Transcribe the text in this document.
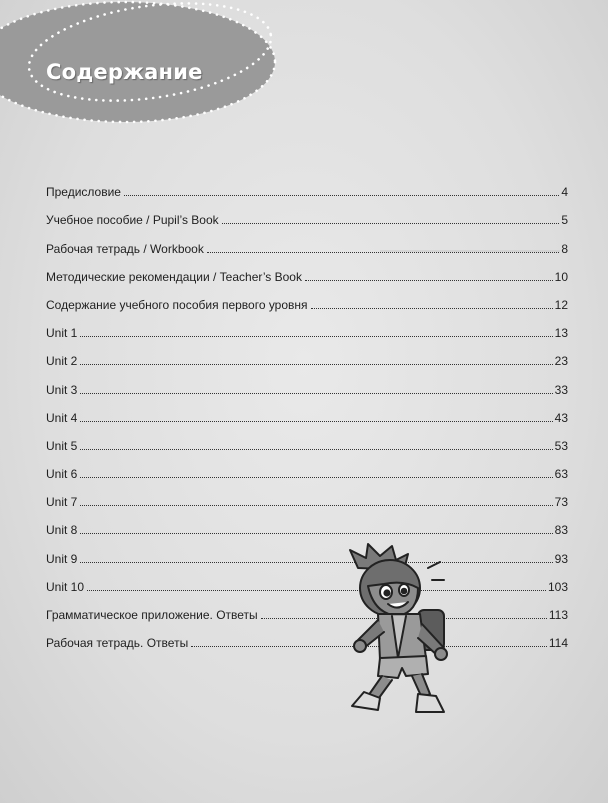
Содержание
Предисловие	4
Учебное пособие / Pupil’s Book	5
Рабочая тетрадь / Workbook	8
Методические рекомендации / Teacher’s Book	10
Содержание учебного пособия первого уровня	12
Unit 1	13
Unit 2	23
Unit 3	33
Unit 4	43
Unit 5	53
Unit 6	63
Unit 7	73
Unit 8	83
Unit 9	93
Unit 10	103
Грамматическое приложение. Ответы	113
Рабочая тетрадь. Ответы	114
